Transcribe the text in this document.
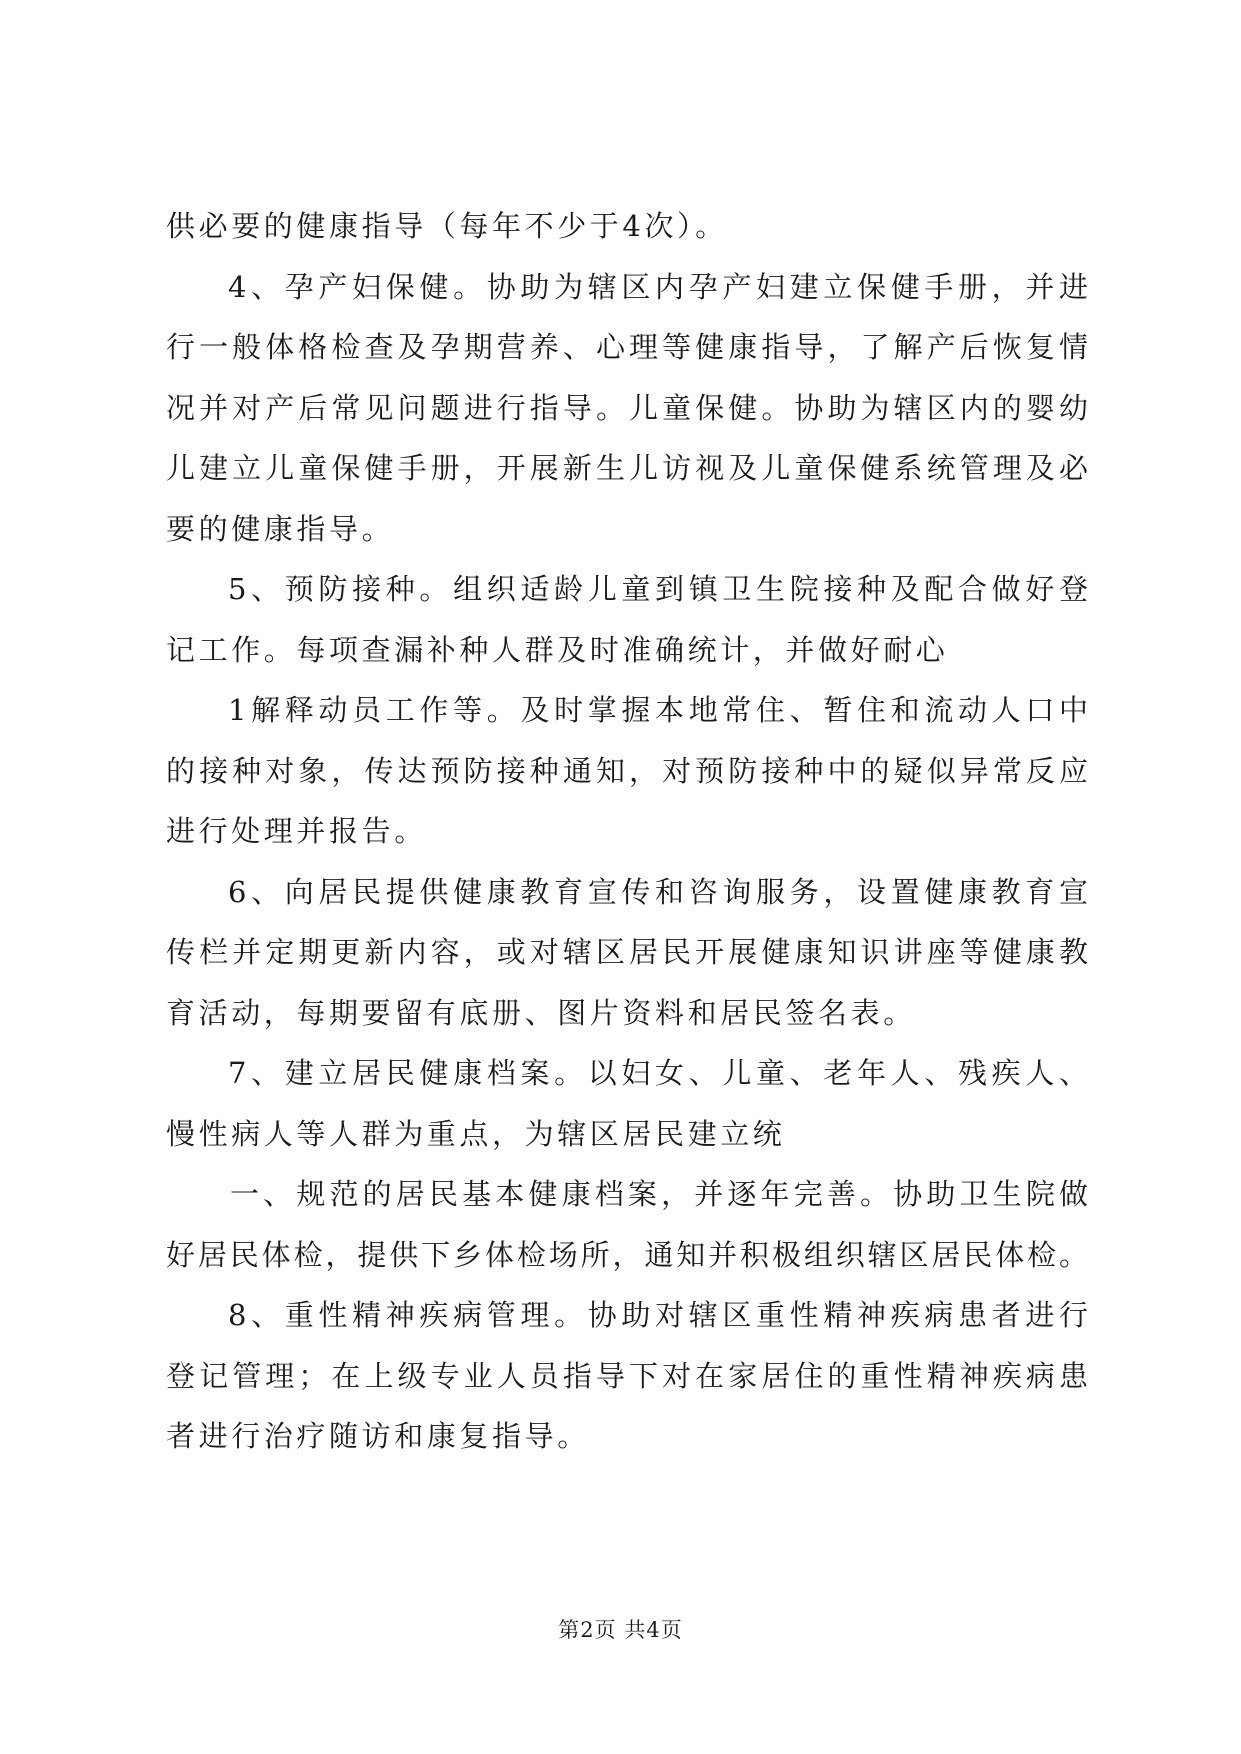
供必要的健康指导（每年不少于4次）。
4、孕产妇保健。协助为辖区内孕产妇建立保健手册，并进
行一般体格检查及孕期营养、心理等健康指导，了解产后恢复情
况并对产后常见问题进行指导。儿童保健。协助为辖区内的婴幼
儿建立儿童保健手册，开展新生儿访视及儿童保健系统管理及必
要的健康指导。
5、预防接种。组织适龄儿童到镇卫生院接种及配合做好登
记工作。每项查漏补种人群及时准确统计，并做好耐心
1解释动员工作等。及时掌握本地常住、暂住和流动人口中
的接种对象，传达预防接种通知，对预防接种中的疑似异常反应
进行处理并报告。
6、向居民提供健康教育宣传和咨询服务，设置健康教育宣
传栏并定期更新内容，或对辖区居民开展健康知识讲座等健康教
育活动，每期要留有底册、图片资料和居民签名表。
7、建立居民健康档案。以妇女、儿童、老年人、残疾人、
慢性病人等人群为重点，为辖区居民建立统
一、规范的居民基本健康档案，并逐年完善。协助卫生院做
好居民体检，提供下乡体检场所，通知并积极组织辖区居民体检。
8、重性精神疾病管理。协助对辖区重性精神疾病患者进行
登记管理；在上级专业人员指导下对在家居住的重性精神疾病患
者进行治疗随访和康复指导。
第2页 共4页
